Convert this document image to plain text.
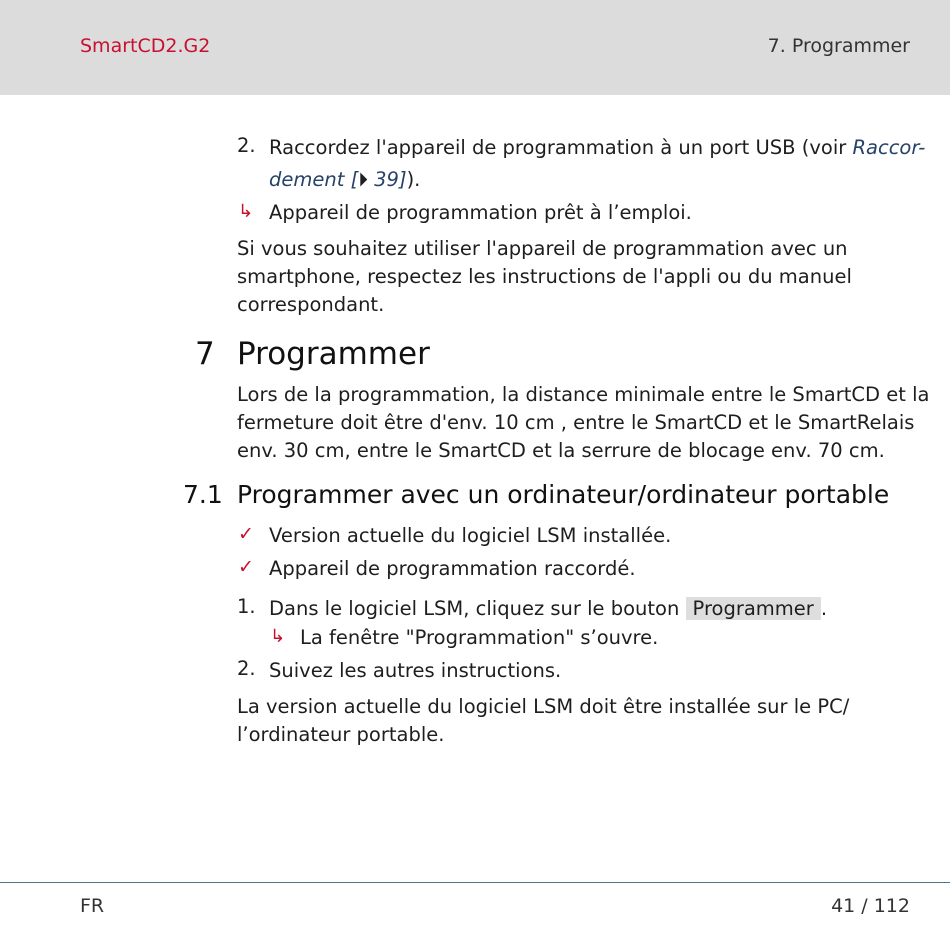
SmartCD2.G2	7. Programmer
2. Raccordez l'appareil de programmation à un port USB (voir Raccor-
dement [⏵ 39]).
↳ Appareil de programmation prêt à l’emploi.
Si vous souhaitez utiliser l'appareil de programmation avec un
smartphone, respectez les instructions de l'appli ou du manuel
correspondant.
7 Programmer
Lors de la programmation, la distance minimale entre le SmartCD et la
fermeture doit être d'env. 10 cm , entre le SmartCD et le SmartRelais
env. 30 cm, entre le SmartCD et la serrure de blocage env. 70 cm.
7.1 Programmer avec un ordinateur/ordinateur portable
✓ Version actuelle du logiciel LSM installée.
✓ Appareil de programmation raccordé.
1. Dans le logiciel LSM, cliquez sur le bouton Programmer .
↳ La fenêtre "Programmation" s’ouvre.
2. Suivez les autres instructions.
La version actuelle du logiciel LSM doit être installée sur le PC/
l’ordinateur portable.
FR	41 / 112
